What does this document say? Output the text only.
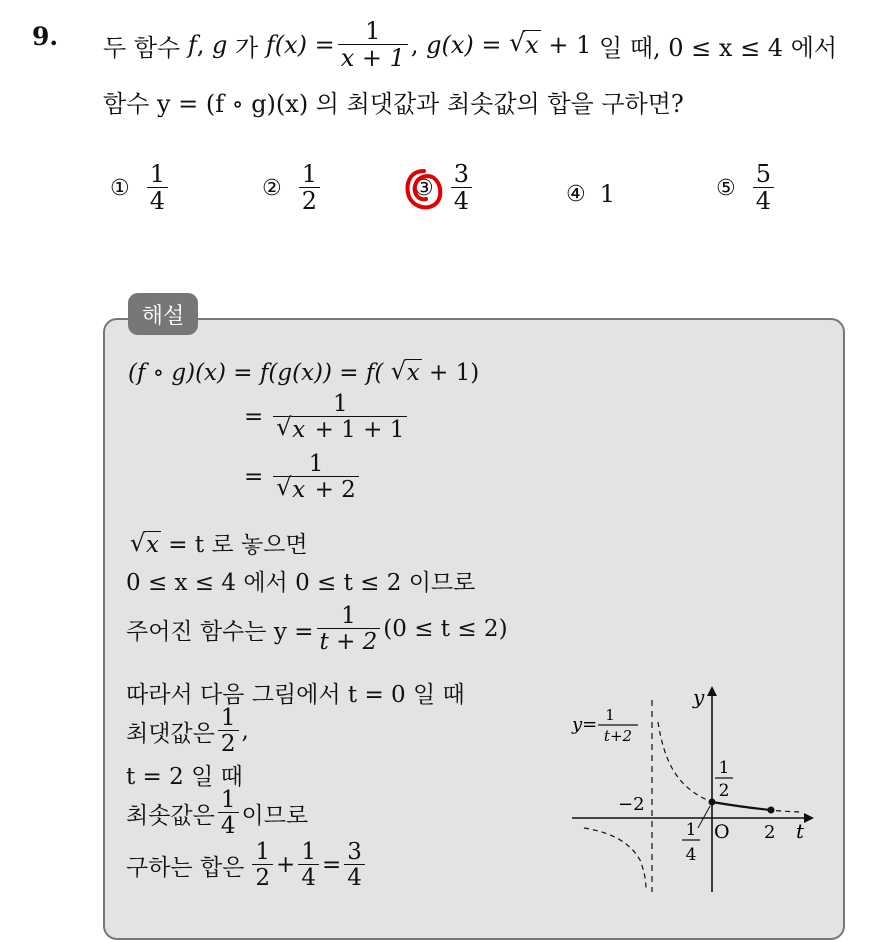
9. 두 함수
f , g
가
$f(x) = \frac{1}{x + 1}$ , g(x) =
√ x
+ 1
일 때, 0 ≤ x ≤ 4 에서
함수 y = (f ∘ g)(x) 의 최댓값과 최솟값의 합을 구하면?
① $\frac{1}{4}$	② $\frac{1}{2}$	③ $\frac{3}{4}$	④ 1	⑤ $\frac{5}{4}$
해설
(f ∘ g)(x) = f(g(x)) = f( √ x + 1)
= $\frac{1}{√ x + 1 + 1}$
= $\frac{1}{√ x + 2}$
√ x = t 로 놓으면
0 ≤ x ≤ 4 에서 0 ≤ t ≤ 2 이므로
주어진 함수는 $y = \frac{1}{t + 2} (0 \le t \le 2)$
따라서 다음 그림에서 t = 0 일 때
최댓값은 $\frac{1}{2}$ ,
t = 2 일 때
최솟값은 $\frac{1}{4}$ 이므로
구하는 합은 $\frac{1}{2} + \frac{1}{4} = \frac{3}{4}$
y
t
y= 1
t+2
−2
O 2
1
2
1
4
